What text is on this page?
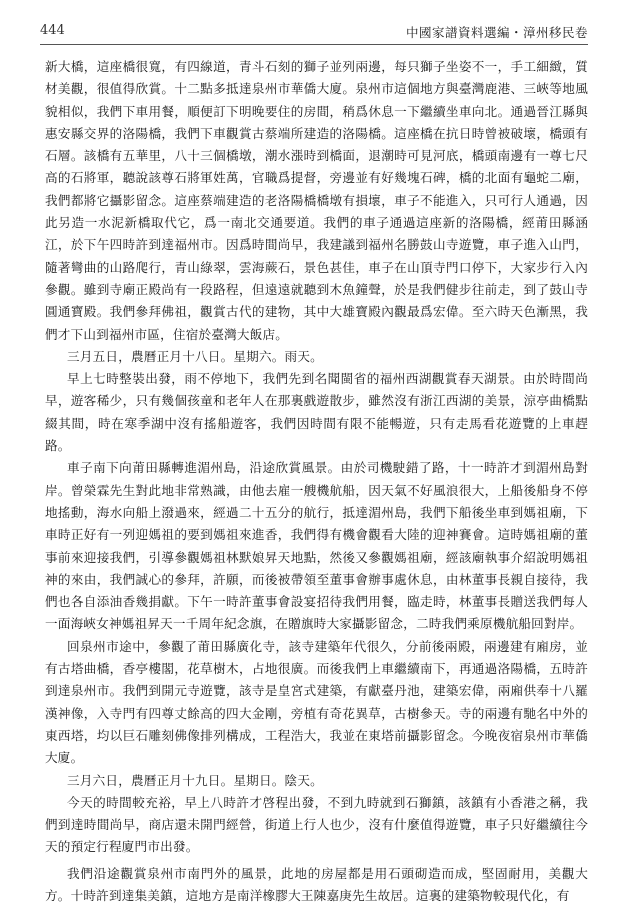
444	中國家譜資料選編・漳州移民卷

新大橋，這座橋很寬，有四線道，青斗石刻的獅子並列兩邊，每只獅子坐姿不一，手工細緻，質材美觀，很值得欣賞。十二點多抵達泉州市華僑大廈。泉州市這個地方與臺灣鹿港、三峽等地風貌相似，我們下車用餐，順便訂下明晚要住的房間，稍爲休息一下繼續坐車向北。通過晉江縣與惠安縣交界的洛陽橋，我們下車觀賞古蔡端所建造的洛陽橋。這座橋在抗日時曾被破壞，橋頭有石層。該橋有五華里，八十三個橋墩，潮水漲時到橋面，退潮時可見河底，橋頭南邊有一尊七尺高的石將軍，聽說該尊石將軍姓萬，官職爲提督，旁邊並有好幾塊石碑，橋的北面有龜蛇二廟，我們都將它攝影留念。這座蔡端建造的老洛陽橋橋墩有損壞，車子不能進入，只可行人通過，因此另造一水泥新橋取代它，爲一南北交通要道。我們的車子通過這座新的洛陽橋，經莆田縣涵江，於下午四時許到達福州市。因爲時間尚早，我建議到福州名勝鼓山寺遊覽，車子進入山門，隨著彎曲的山路爬行，青山綠翠，雲海蕨石，景色甚佳，車子在山頂寺門口停下，大家步行入內參觀。雖到寺廟正殿尚有一段路程，但遠遠就聽到木魚鐘聲，於是我們健步往前走，到了鼓山寺圓通寶殿。我們參拜佛祖，觀賞古代的建物，其中大雄寶殿內觀最爲宏偉。至六時天色漸黑，我們才下山到福州市區，住宿於臺灣大飯店。

三月五日，農曆正月十八日。星期六。雨天。

早上七時整裝出發，雨不停地下，我們先到名聞閩省的福州西湖觀賞春天湖景。由於時間尚早，遊客稀少，只有幾個孩童和老年人在那裏戲遊散步，雖然沒有浙江西湖的美景，涼亭曲橋點綴其間，時在寒季湖中沒有搖船遊客，我們因時間有限不能暢遊，只有走馬看花遊覽的上車趕路。

車子南下向莆田縣轉進湄州島，沿途欣賞風景。由於司機駛錯了路，十一時許才到湄州島對岸。曾榮霖先生對此地非常熟識，由他去雇一艘機航船，因天氣不好風浪很大，上船後船身不停地搖動，海水向船上潑過來，經過二十五分的航行，抵達湄州島，我們下船後坐車到媽祖廟，下車時正好有一列迎媽祖的要到媽祖來進香，我們得有機會觀看大陸的迎神賽會。這時媽祖廟的董事前來迎接我們，引導參觀媽祖林默娘昇天地點，然後又參觀媽祖廟，經該廟執事介紹說明媽祖神的來由，我們誠心的參拜，許願，而後被帶領至董事會辦事處休息，由林董事長親自接待，我們也各自添油香幾捐獻。下午一時許董事會設宴招待我們用餐，臨走時，林董事長贈送我們每人一面海峽女神媽祖昇天一千周年紀念旗，在贈旗時大家攝影留念，二時我們乘原機航船回對岸。

回泉州市途中，參觀了莆田縣廣化寺，該寺建築年代很久，分前後兩殿，兩邊建有廂房，並有古塔曲橋，香亭樓閣，花草樹木，占地很廣。而後我們上車繼續南下，再通過洛陽橋，五時許到達泉州市。我們到開元寺遊覽，該寺是皇宮式建築，有獻臺丹池，建築宏偉，兩廂供奉十八羅漢神像，入寺門有四尊丈餘高的四大金剛，旁植有奇花異草，古樹參天。寺的兩邊有馳名中外的東西塔，均以巨石雕刻佛像排列構成，工程浩大，我並在東塔前攝影留念。今晚夜宿泉州市華僑大廈。

三月六日，農曆正月十九日。星期日。陰天。

今天的時間較充裕，早上八時許才啓程出發，不到九時就到石獅鎮，該鎮有小香港之稱，我們到達時間尚早，商店還未開門經營，街道上行人也少，沒有什麼值得遊覽，車子只好繼續往今天的預定行程廈門市出發。

我們沿途觀賞泉州市南門外的風景，此地的房屋都是用石頭砌造而成，堅固耐用，美觀大方。十時許到達集美鎮，這地方是南洋橡膠大王陳嘉庚先生故居。這裏的建築物較現代化，有
